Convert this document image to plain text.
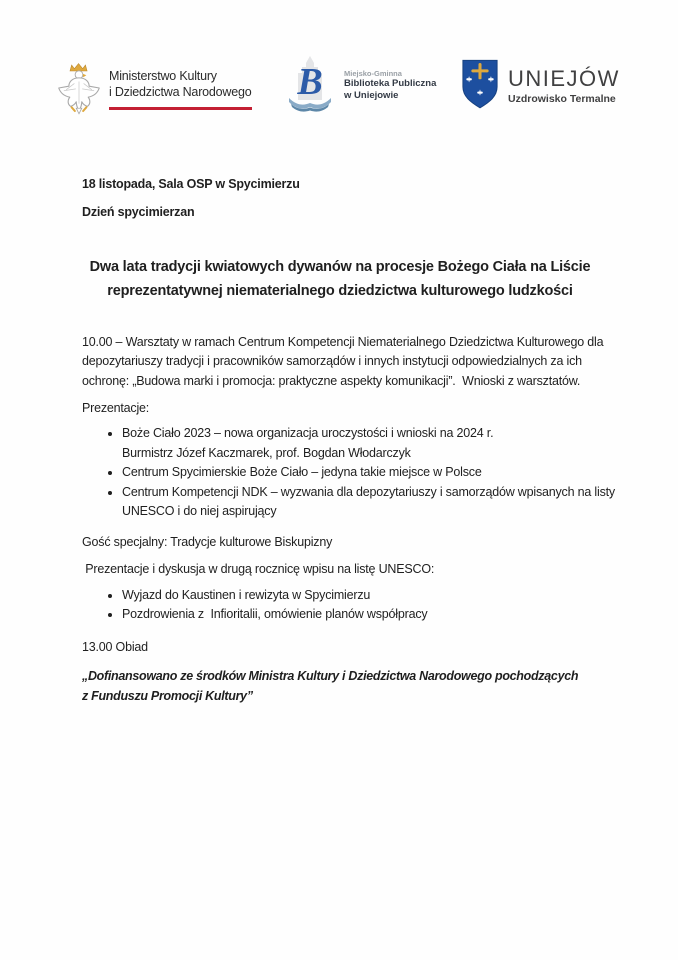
Ministerstwo Kultury
i Dziedzictwa Narodowego B	Miejsko-Gminna
Biblioteka Publiczna
w Uniejowie
UNIEJÓW
Uzdrowisko Termalne
18 listopada, Sala OSP w Spycimierzu
Dzień spycimierzan
Dwa lata tradycji kwiatowych dywanów na procesje Bożego Ciała na Liście
reprezentatywnej niematerialnego dziedzictwa kulturowego ludzkości
10.00 – Warsztaty w ramach Centrum Kompetencji Niematerialnego Dziedzictwa Kulturowego dla
depozytariuszy tradycji i pracowników samorządów i innych instytucji odpowiedzialnych za ich
ochronę: „Budowa marki i promocja: praktyczne aspekty komunikacji”.  Wnioski z warsztatów.
Prezentacje:
• Boże Ciało 2023 – nowa organizacja uroczystości i wnioski na 2024 r.
Burmistrz Józef Kaczmarek, prof. Bogdan Włodarczyk
• Centrum Spycimierskie Boże Ciało – jedyna takie miejsce w Polsce
• Centrum Kompetencji NDK – wyzwania dla depozytariuszy i samorządów wpisanych na listy
UNESCO i do niej aspirujący
Gość specjalny: Tradycje kulturowe Biskupizny
Prezentacje i dyskusja w drugą rocznicę wpisu na listę UNESCO:
• Wyjazd do Kaustinen i rewizyta w Spycimierzu
• Pozdrowienia z  Infioritalii, omówienie planów współpracy
13.00 Obiad
„Dofinansowano ze środków Ministra Kultury i Dziedzictwa Narodowego pochodzących
z Funduszu Promocji Kultury”
